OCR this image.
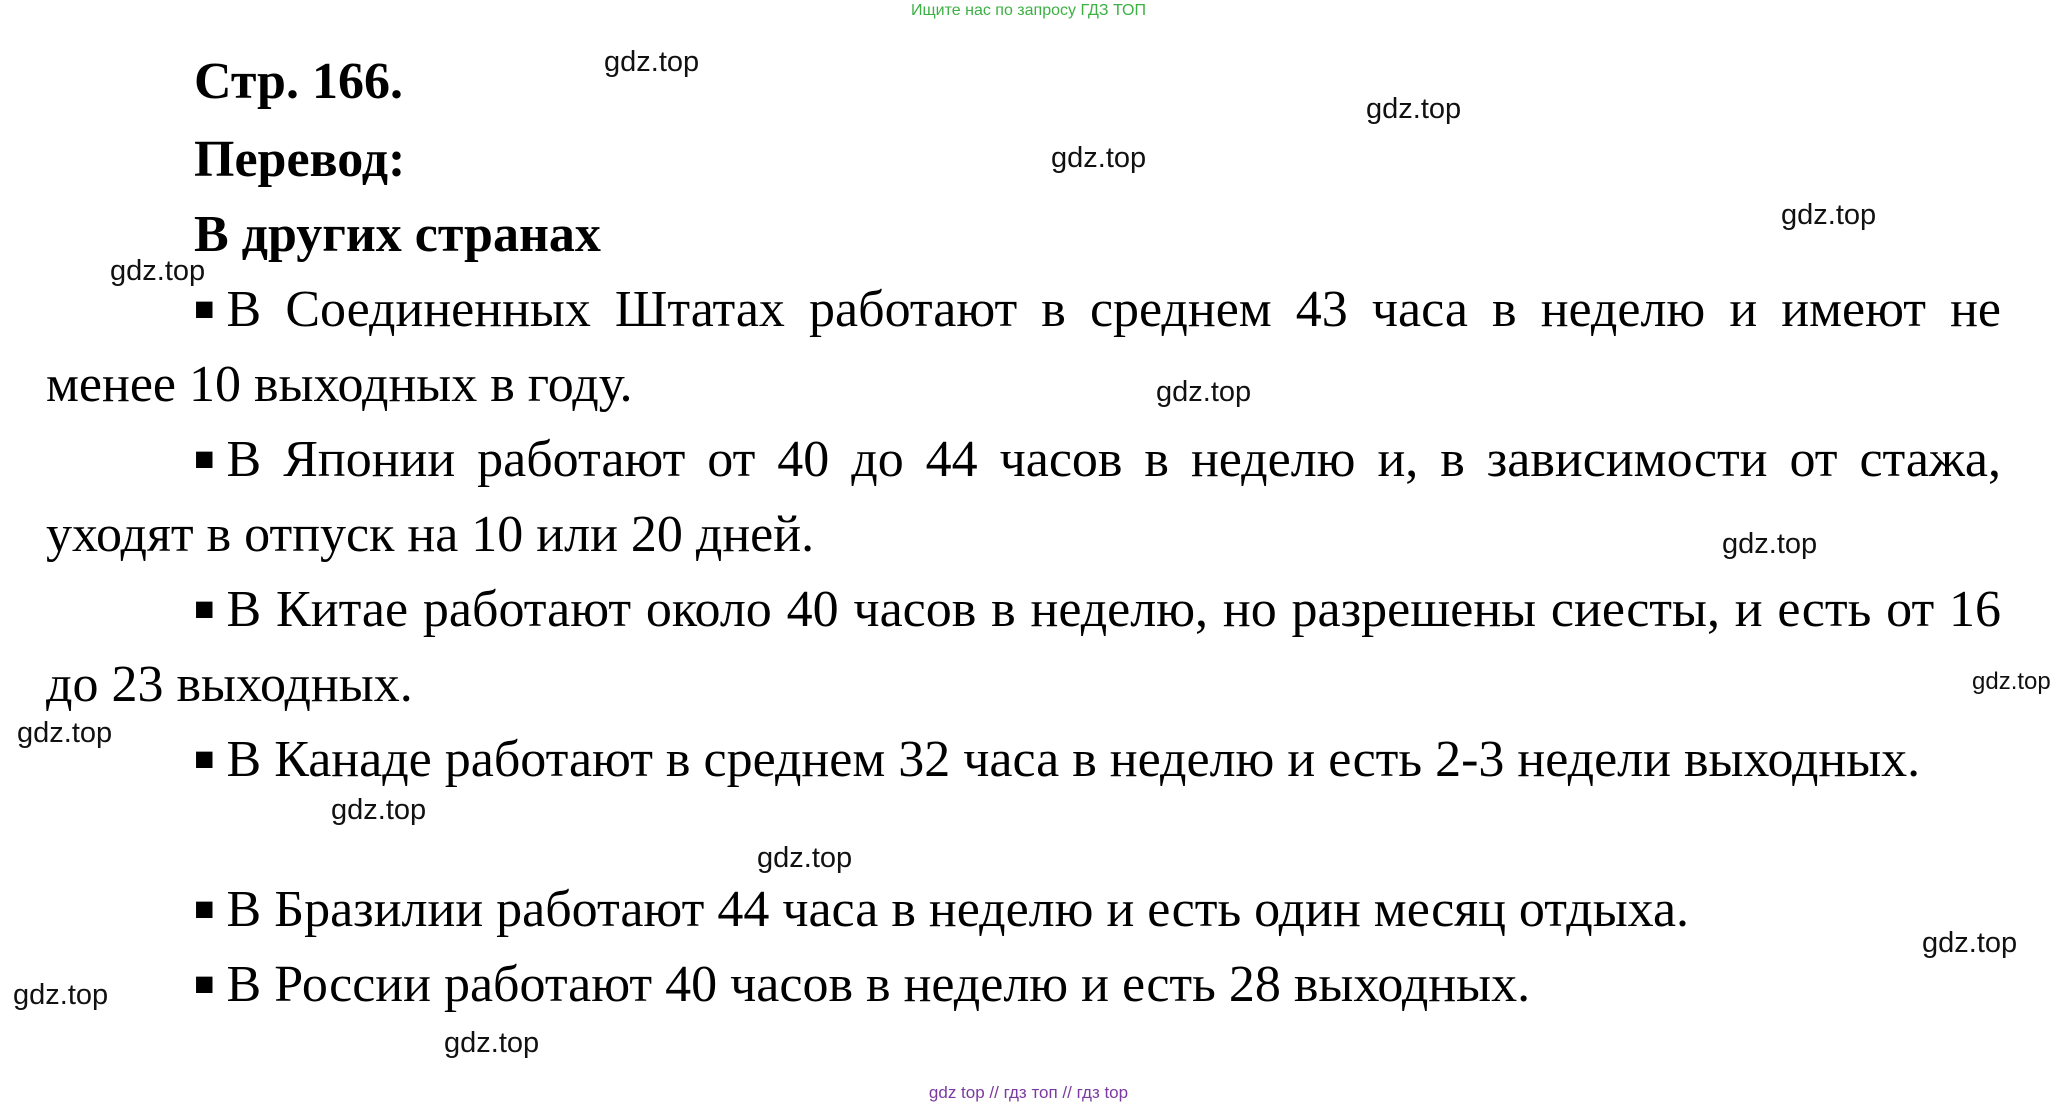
Ищите нас по запросу ГДЗ ТОП
Стр. 166.
Перевод:
В других странах
■ В Соединенных Штатах работают в среднем 43 часа в неделю и имеют не менее 10 выходных в году.
■ В Японии работают от 40 до 44 часов в неделю и, в зависимости от стажа, уходят в отпуск на 10 или 20 дней.
■ В Китае работают около 40 часов в неделю, но разрешены сиесты, и есть от 16 до 23 выходных.
■ В Канаде работают в среднем 32 часа в неделю и есть 2-3 недели выходных.
■ В Бразилии работают 44 часа в неделю и есть один месяц отдыха.
■ В России работают 40 часов в неделю и есть 28 выходных.
gdz.top
gdz.top
gdz.top
gdz.top
gdz.top
gdz.top
gdz.top
gdz.top
gdz.top
gdz.top
gdz.top
gdz.top
gdz.top
gdz.top
gdz top // гдз топ // гдз top
